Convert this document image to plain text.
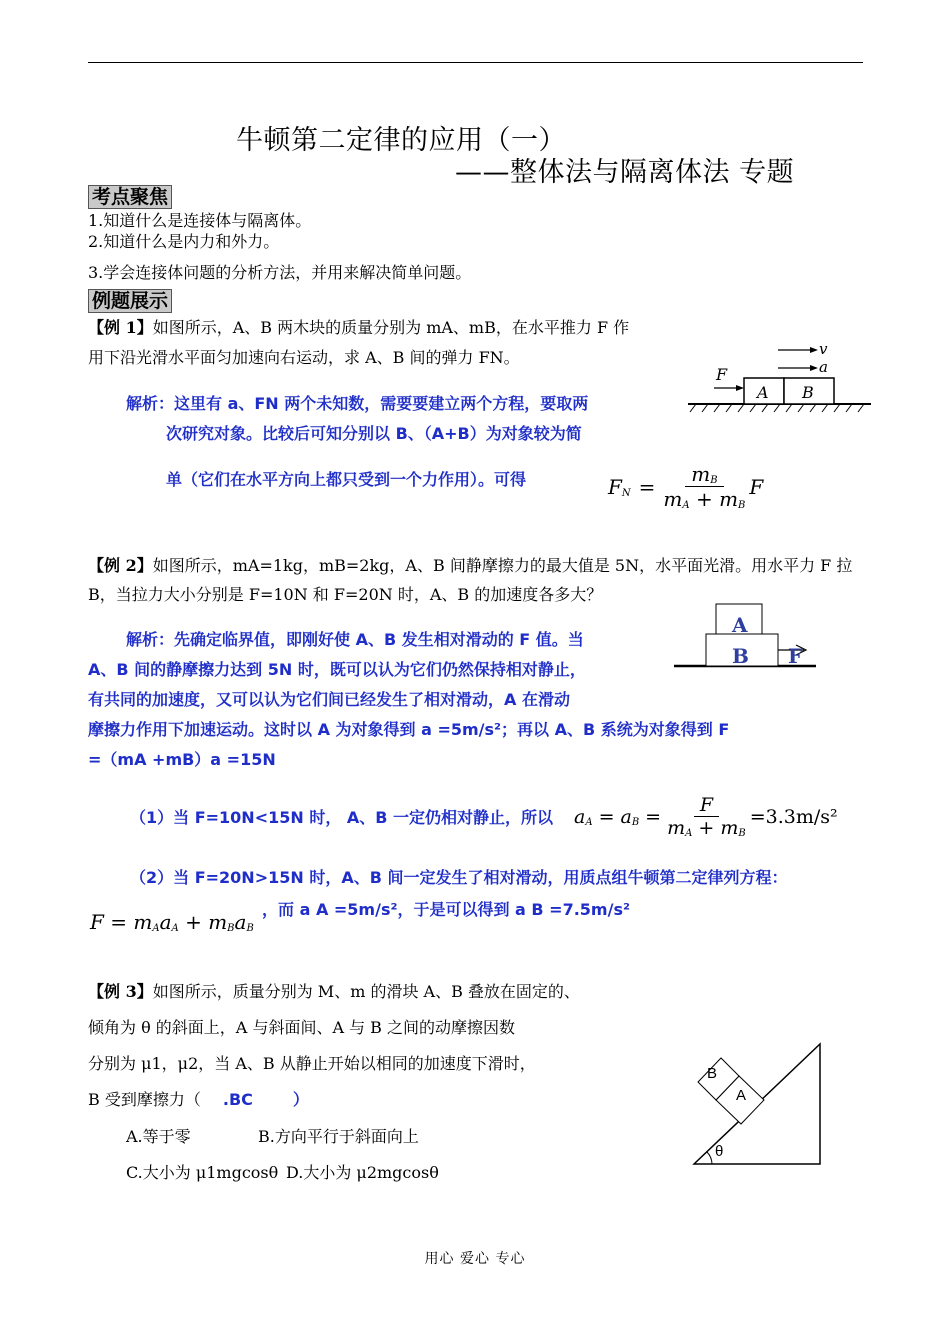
牛顿第二定律的应用（一）
——整体法与隔离体法 专题
考点聚焦
1.知道什么是连接体与隔离体。
2.知道什么是内力和外力。
3.学会连接体问题的分析方法，并用来解决简单问题。
例题展示
【例 1】如图所示，A、B 两木块的质量分别为 mA、mB，在水平推力 F 作
用下沿光滑水平面匀加速向右运动，求 A、B 间的弹力 FN。
F
A B
v
a
解析：这里有 a、FN 两个未知数，需要要建立两个方程，要取两
次研究对象。比较后可知分别以 B、（A+B）为对象较为简
单（它们在水平方向上都只受到一个力作用）。可得	$F_N = \frac{m_B}{m_A + m_B}$ F
【例 2】如图所示，mA=1kg，mB=2kg，A、B 间静摩擦力的最大值是 5N，水平面光滑。用水平力 F 拉
B，当拉力大小分别是 F=10N 和 F=20N 时，A、B 的加速度各多大？
A
B F
解析：先确定临界值，即刚好使 A、B 发生相对滑动的 F 值。当
A、B 间的静摩擦力达到 5N 时，既可以认为它们仍然保持相对静止，
有共同的加速度，又可以认为它们间已经发生了相对滑动，A 在滑动
摩擦力作用下加速运动。这时以 A 为对象得到 a =5m/s²；再以 A、B 系统为对象得到 F
=（mA +mB）a =15N
（1）当 F=10N<15N 时， A、B 一定仍相对静止，所以 $a_A = a_B = \frac{F}{m_A + m_B} =3.3m/s^2$
（2）当 F=20N>15N 时，A、B 间一定发生了相对滑动，用质点组牛顿第二定律列方程：
$F = m_Aa_A + m_Ba_B$
，而 a A =5m/s²，于是可以得到 a B =7.5m/s²
【例 3】如图所示，质量分别为 M、m 的滑块 A、B 叠放在固定的、
倾角为 θ 的斜面上，A 与斜面间、A 与 B 之间的动摩擦因数
分别为 μ1，μ2，当 A、B 从静止开始以相同的加速度下滑时，
B 受到摩擦力（ .BC	）
A.等于零	B.方向平行于斜面向上
C.大小为 μ1mgcosθ D.大小为 μ2mgcosθ
A
B
θ
用心 爱心 专心
